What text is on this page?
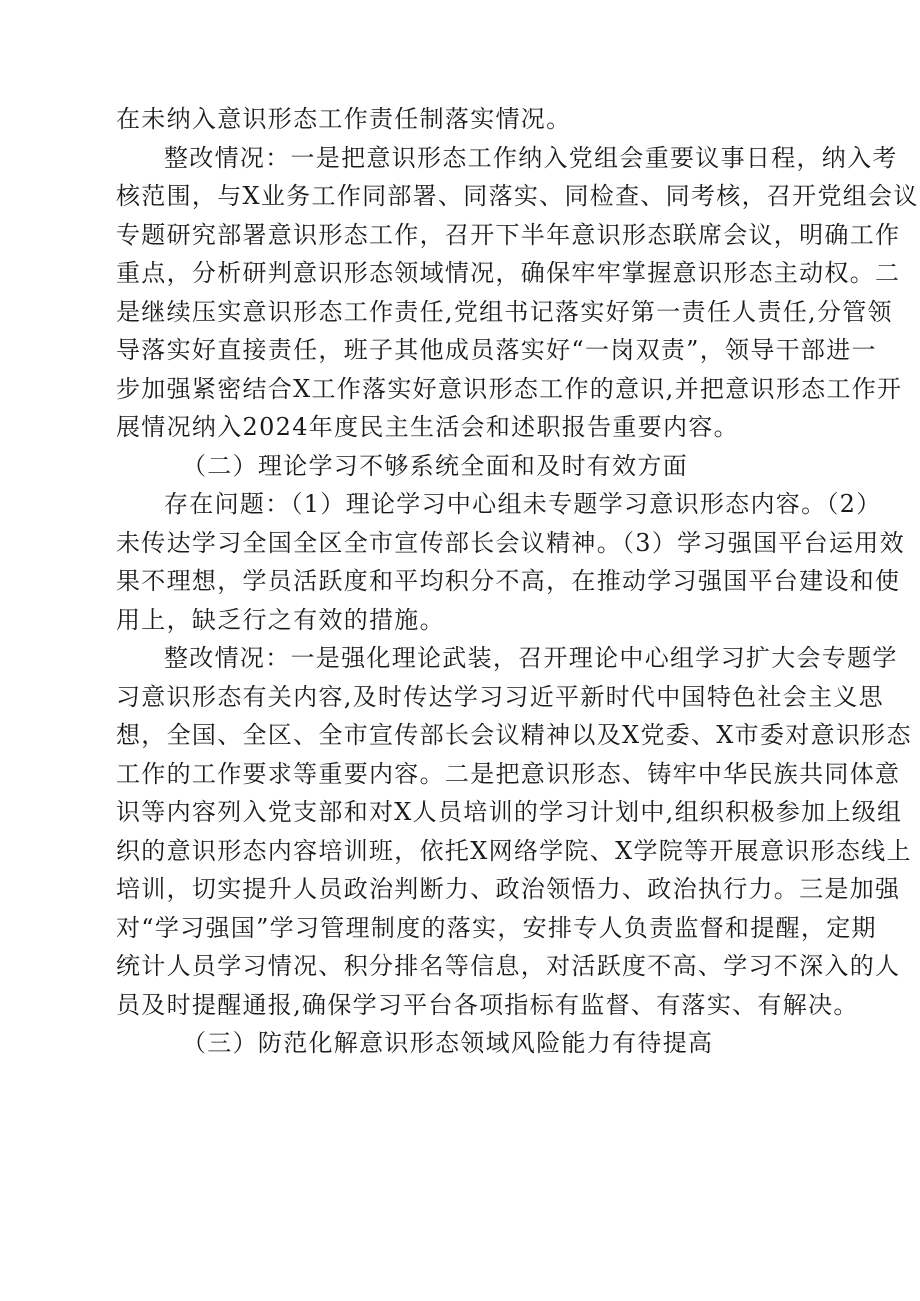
在未纳入意识形态工作责任制落实情况。
整改情况：一是把意识形态工作纳入党组会重要议事日程，纳入考
核范围，与X业务工作同部署、同落实、同检查、同考核，召开党组会议
专题研究部署意识形态工作，召开下半年意识形态联席会议，明确工作
重点，分析研判意识形态领域情况，确保牢牢掌握意识形态主动权。二
是继续压实意识形态工作责任,党组书记落实好第一责任人责任,分管领
导落实好直接责任，班子其他成员落实好“一岗双责”，领导干部进一
步加强紧密结合X工作落实好意识形态工作的意识,并把意识形态工作开
展情况纳入2024年度民主生活会和述职报告重要内容。
（二）理论学习不够系统全面和及时有效方面
存在问题：（1）理论学习中心组未专题学习意识形态内容。（2）
未传达学习全国全区全市宣传部长会议精神。（3）学习强国平台运用效
果不理想，学员活跃度和平均积分不高，在推动学习强国平台建设和使
用上，缺乏行之有效的措施。
整改情况：一是强化理论武装，召开理论中心组学习扩大会专题学
习意识形态有关内容,及时传达学习习近平新时代中国特色社会主义思
想，全国、全区、全市宣传部长会议精神以及X党委、X市委对意识形态
工作的工作要求等重要内容。二是把意识形态、铸牢中华民族共同体意
识等内容列入党支部和对X人员培训的学习计划中,组织积极参加上级组
织的意识形态内容培训班，依托X网络学院、X学院等开展意识形态线上
培训，切实提升人员政治判断力、政治领悟力、政治执行力。三是加强
对“学习强国”学习管理制度的落实，安排专人负责监督和提醒，定期
统计人员学习情况、积分排名等信息，对活跃度不高、学习不深入的人
员及时提醒通报,确保学习平台各项指标有监督、有落实、有解决。
（三）防范化解意识形态领域风险能力有待提高
